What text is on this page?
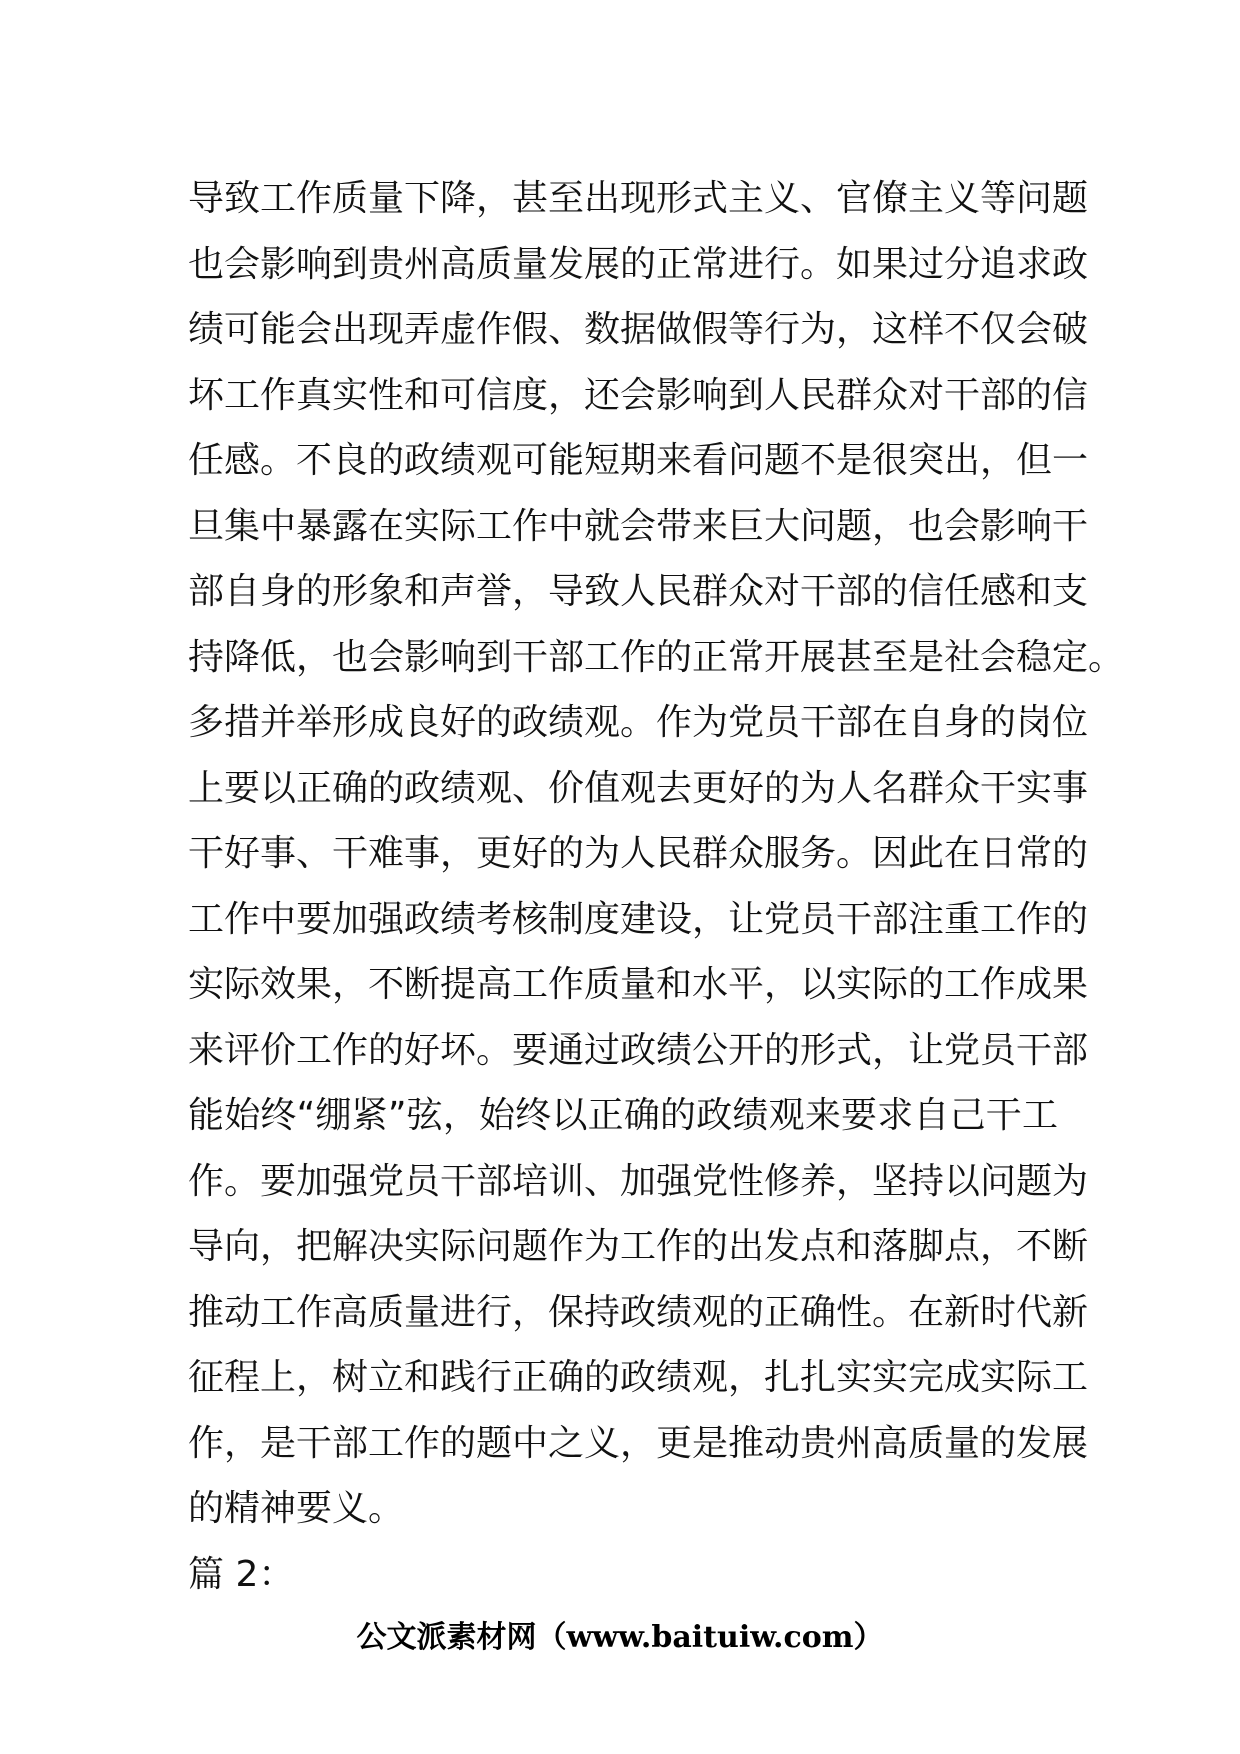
导致工作质量下降，甚至出现形式主义、官僚主义等问题
也会影响到贵州高质量发展的正常进行。如果过分追求政
绩可能会出现弄虚作假、数据做假等行为，这样不仅会破
坏工作真实性和可信度，还会影响到人民群众对干部的信
任感。不良的政绩观可能短期来看问题不是很突出，但一
旦集中暴露在实际工作中就会带来巨大问题，也会影响干
部自身的形象和声誉，导致人民群众对干部的信任感和支
持降低，也会影响到干部工作的正常开展甚至是社会稳定。
多措并举形成良好的政绩观。作为党员干部在自身的岗位
上要以正确的政绩观、价值观去更好的为人名群众干实事
干好事、干难事，更好的为人民群众服务。因此在日常的
工作中要加强政绩考核制度建设，让党员干部注重工作的
实际效果，不断提高工作质量和水平，以实际的工作成果
来评价工作的好坏。要通过政绩公开的形式，让党员干部
能始终“绷紧”弦，始终以正确的政绩观来要求自己干工
作。要加强党员干部培训、加强党性修养，坚持以问题为
导向，把解决实际问题作为工作的出发点和落脚点，不断
推动工作高质量进行，保持政绩观的正确性。在新时代新
征程上，树立和践行正确的政绩观，扎扎实实完成实际工
作，是干部工作的题中之义，更是推动贵州高质量的发展
的精神要义。
篇 2：
公文派素材网（www.baituiw.com）
